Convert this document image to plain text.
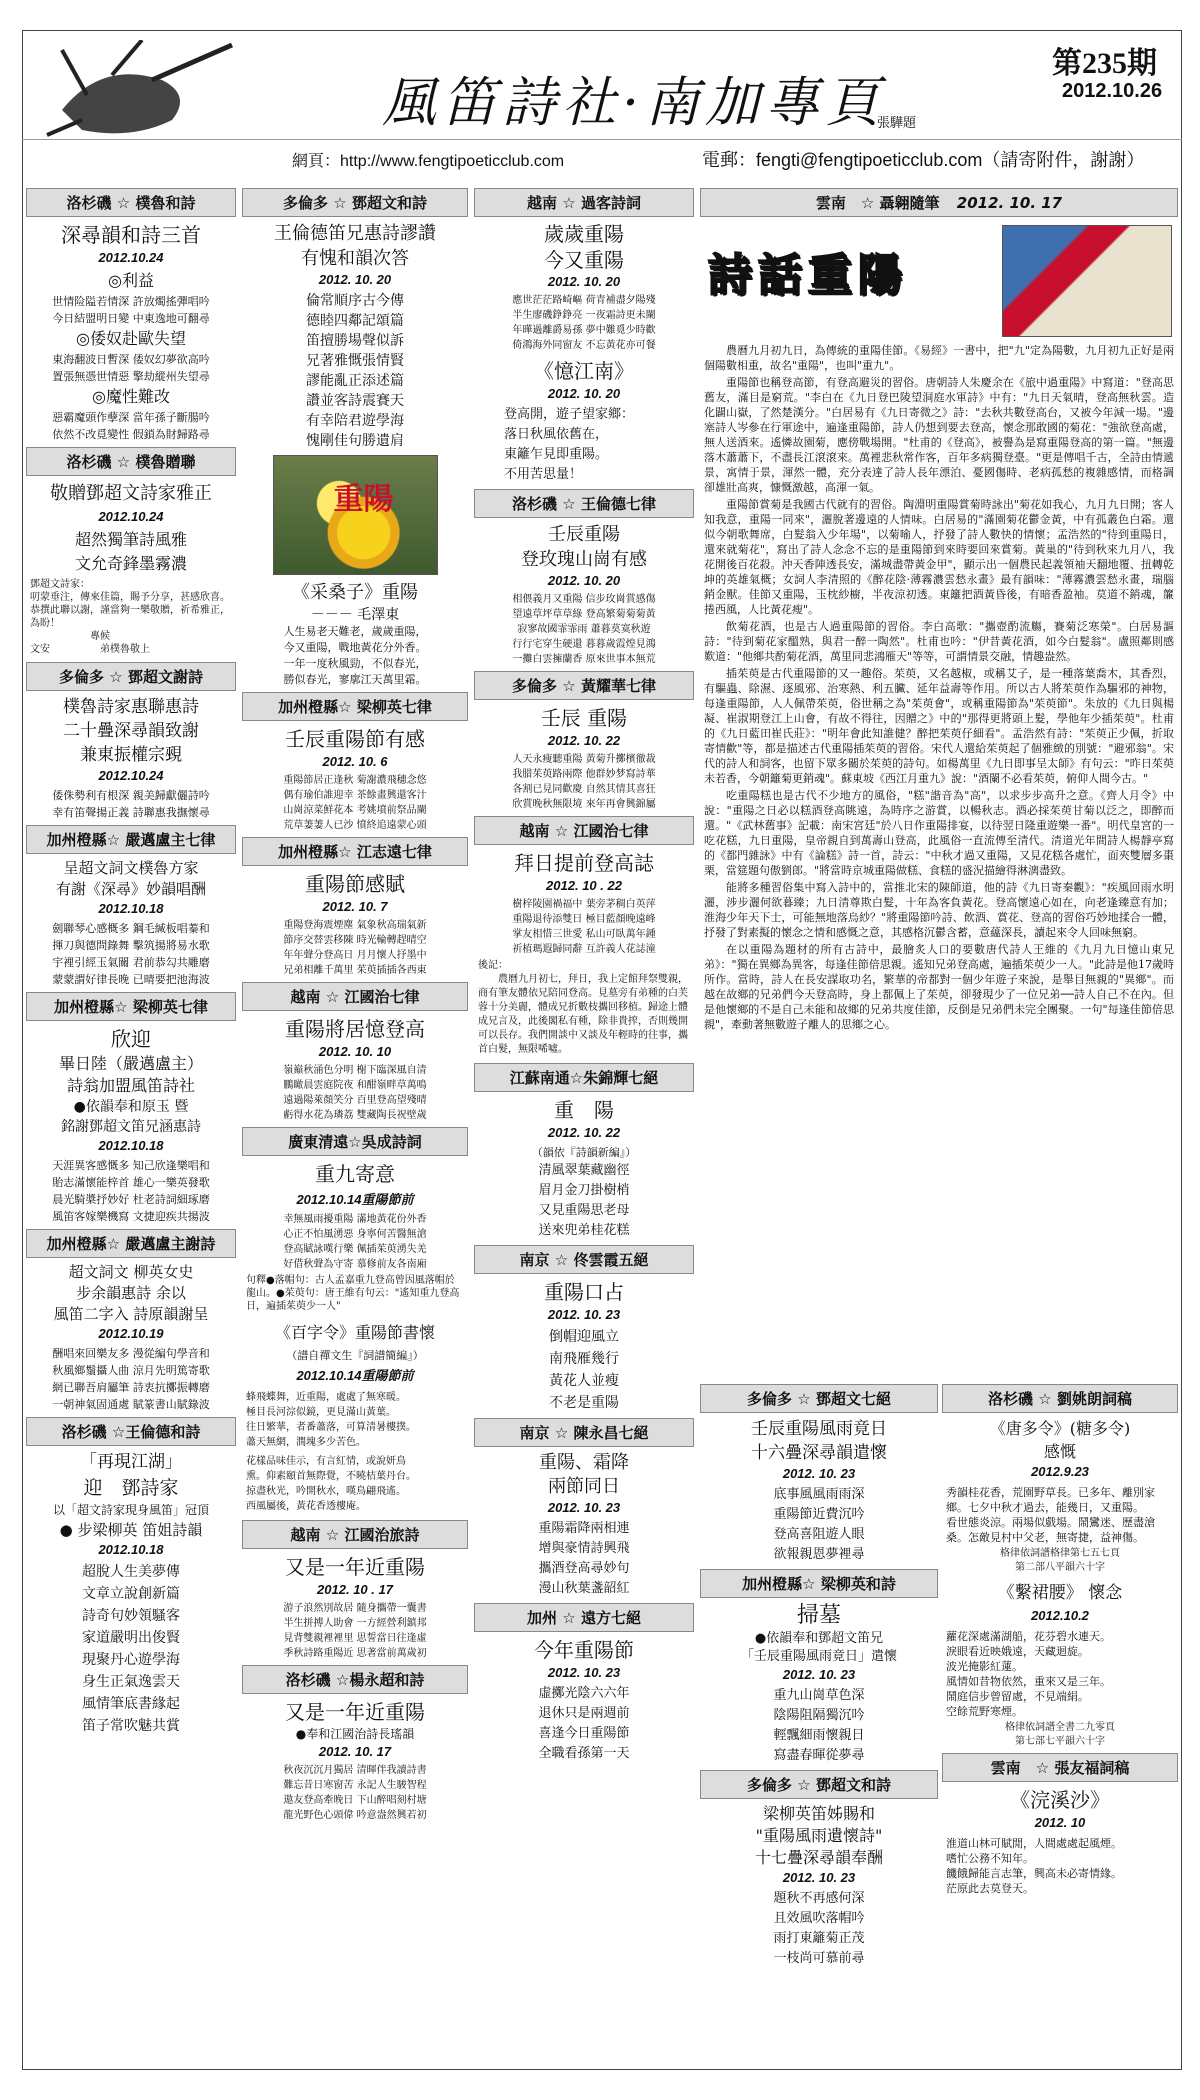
風笛詩社·南加專頁
張驊題
第235期
2012.10.26
網頁：http://www.fengtipoeticclub.com	電郵：fengti@fengtipoeticclub.com（請寄附件，謝謝）
洛杉磯 ☆ 樸魯和詩
深尋韻和詩三首
2012.10.24
◎利益
世情险隘若情深 許放燭搖彈唱吟
今日結盟明日變 中東逸地可翻尋
◎倭奴赴歐失望
東海翻波日暫深 倭奴幻夢欲高吟
置張無憑世情惡 擎劫縱州失望尋
◎魔性難改
惡霸魔頭作孽深 當年孫子斷腸吟
依然不改覓變性 假鎖為財歸路尋
洛杉磯 ☆ 樸魯贈聯
敬贈鄧超文詩家雅正
2012.10.24
超然獨筆詩風雅
文允奇鋒墨霧濃
鄧超文詩家：
叨蒙垂注，傳來佳篇，賜予分享，甚感欣喜。恭撰此聯以謝，謹當夠一樂敬贈，祈希雅正，為盼！
　　　　　　專候
文安　　　　　弟樸魯敬上
多倫多 ☆ 鄧超文謝詩
樸魯詩家惠聯惠詩
二十疊深尋韻致謝
兼東振權宗覡
2012.10.24
倭侏勢利有根深 親美歸獻儷詩吟
幸有笛聲揚正義 詩聯惠我撫懷尋
加州橙縣☆ 嚴邁盧主七律
呈超文詞文樸魯方家
有謝《深尋》妙韻唱酬
2012.10.18
劍聯琴心感概多 鋼毛緘板唱蓁和
揮刀與德問錄舞 擊筑揚將易水歌
宇裡引經玉氣關 君前恭勾共雕磨
蒙蒙謂好律長晚 已晴要把池海波
加州橙縣☆ 梁柳英七律
欣迎
畢日陸（嚴邁盧主）
詩翁加盟風笛詩社
●依韻奉和原玉 暨
銘謝鄧超文笛兄涵惠詩
2012.10.18
天涯異客感慨多 知己欣逢樂唱和
貽志滿懷能梓首 雄心一樂英發歌
晨光騎槳抒妙好 杜老詩詞細琢磨
風笛客嫁樂機寫 文捷迎疾共揚波
加州橙縣☆ 嚴邁盧主謝詩
超文詞文 柳英女史
步余韻惠詩 余以
風笛二字入 詩原韻謝呈
2012.10.19
酬唱來回樂友多 漫從編句學音和
秋風鄉鬚攝人曲 涼月先明篤寄歌
網已聯吾肩屬筆 詩衷抗擲振轉磨
一朝神氣固通處 賦篆書山賦錄波
洛杉磯 ☆王倫德和詩
「再現江湖」
迎　鄧詩家
以「超文詩家現身風笛」冠頂
● 步梁柳英 笛姐詩韻
2012.10.18
超脫人生美夢傳
文章立說創新篇
詩奇句妙領騷客
家道嚴明出俊賢
現聚丹心遊學海
身生正氣逸雲天
風情筆底書緣起
笛子常吹魅共賞
多倫多 ☆ 鄧超文和詩
王倫德笛兄惠詩謬讚
有愧和韻次答
2012. 10. 20
倫常順序古今傳
德睦四鄰記頌篇
笛擅勝場聲似訴
兄著雅慨張情賢
謬能亂正添述篇
讚並客詩震賽天
有幸陪君遊學海
愧剛佳句勝遺肩
重陽
《采桑子》重陽
－－－ 毛澤東
人生易老天難老，歲歲重陽，
今又重陽，戰地黃花分外香。
一年一度秋風勁，不似春光，
勝似春光，寥廓江天萬里霜。
加州橙縣☆ 梁柳英七律
壬辰重陽節有感
2012. 10. 6
重陽節居正逢秋 菊謝濃飛穗念悠
偶有瑜伯誰迎幸 茶餘畫興還客汁
山崗涼菜鮮花本 考姚墳前祭品闌
荒草萋萋人已沙 憤終追遠蒙心頭
加州橙縣☆ 江志遠七律
重陽節感賦
2012. 10. 7
重陽登海震煙塵 氣象秋高瑞氣新
節序交替雲移陳 時光輪轉趕晴空
年年聲分登高日 月月懷人抒墨中
兄弟相離千萬里 茱萸插插各西東
越南 ☆ 江國治七律
重陽將居憶登高
2012. 10. 10
嶺巔秋涌色分明 榭下臨深風自清
鵬瞰晨雲庭院夜 和酣嶺畔草萬鳴
遠過陽萊顏笑分 百里登高望殘晴
虧得水花為璘荔 雙藏陶長祝壁歲
廣東清遠☆吳成詩詞
重九寄意
2012.10.14重陽節前
幸無風雨擾重陽 滿地黃花份外香
心正不怕風湧惡 身寧何苦醫無滄
登高賦詠嘆行樂 佩插茱萸湧失羌
好借秋聲為守寄 慕修前友各南廂
句釋●落帽句：古人孟嘉重九登高曾因風落帽於龍山。●茱萸句：唐王維有句云："遙知重九登高日，遍插茱萸少一人"
《百字令》重陽節書懷
（譜自禪文生『詞譜簡編』）
2012.10.14重陽節前
蜂飛蝶舞，近重陽，處處了無寒暖。
極目長河淙似鏡，更見滿山黃葉。
往日繁華，者番蕭落，可算清暑樓撲。
蕭天無網，潤塊多少苦色。
花樣品味佳示，有言紅情，或說妍鳥
熏。仰素頤首無際覺，不曉桔葉丹台。
掠盡秋光，吟開秋水，嘆鳥翩飛遙。
西風屬後，黃花香透樓庵。
越南 ☆ 江國治旅詩
又是一年近重陽
2012. 10 . 17
游子浪然別故居 隨身攜帶一囊書
半生拼搏人助會 一方經營利鎮邦
見背雙親裡裡里 思誓當日往逢虛
季秋詩路重陽近 思著當前萬歲初
洛杉磯 ☆楊永超和詩
又是一年近重陽
●奉和江國治詩長瑤韻
2012. 10. 17
秋夜沉沉月獨居 清暉伴我讀詩書
難忘昔日寒窗苦 永記人生駿智程
遨友登高牽晚日 下山醉唱刻村塘
龍光野色心頭偉 吟意盎然興若初
越南 ☆ 過客詩詞
歲歲重陽
今又重陽
2012. 10. 20
應世茫茫路崎嶇 荷青補盡夕陽殘
半生廖磯錚錚亮 一夜霜詩更未闌
年曄過離爵易孫 夢中難覓少時歡
倚鴻海外同窗友 不忘黃花亦可餐
《憶江南》
2012. 10. 20
登高開，遊子望家鄉：
落日秋風依舊在，
東籬乍見即重陽。
不用苦思量！
洛杉磯 ☆ 王倫德七律
壬辰重陽
登玫瑰山崗有感
2012. 10. 20
相偎義月又重陽 信步玫崗賞感傷
望遠草坪草草綠 登高繁菊菊菊黃
寂寥故國霏霏雨 蕭暮莫寞秋遊
行行宅穿生硬還 暮暮歲霞煌見鴻
一攤白雲擁蘭香 原來世事本無荒
多倫多 ☆ 黃耀華七律
壬辰 重陽
2012. 10. 22
人天永瘦聽重陽 黃菊升擲檳徹裁
我腊茱萸路兩際 他群妙梦寫詩華
各割已見同歡慶 自然其情其喜狂
欣賞晚秋無限境 來年再會興錦屬
越南 ☆ 江國治七律
拜日提前登高誌
2012. 10 . 22
樹梓陵園禍福中 葉旁茅稠白英萍
重陽退待添雙日 極目藍顏晚遠峰
掌友相惜三世愛 私山可臥萬年鍾
祈植瑪遐歸同辭 互許義人花誌潼
後記：
　　農曆九月初七，拜日，我上定館拜祭雙親，商有筆友體依兄陪同登高。見墓旁有弟種的白芙蓉十分美麗，體成兄折數枝攜回移植。歸途上體成兄言及，此後閣私有種，除非貴搾，否則幾開可以長存。我們開談中又談及年輕時的往事，攜首白髮，無限唏噓。
江蘇南通☆朱錦輝七絕
重　陽
2012. 10. 22
（韻依『詩韻新編』）
清風翠葉藏幽徑
眉月金刀掛樹梢
又見重陽思老母
送來兜弟桂花糕
南京 ☆ 佟雲霞五絕
重陽口占
2012. 10. 23
倒帽迎風立
南飛雁幾行
黃花人並瘦
不老是重陽
南京 ☆ 陳永昌七絕
重陽、霜降
兩節同日
2012. 10. 23
重陽霜降兩相連
增與豪情詩興飛
攜酒登高尋妙句
漫山秋葉盞韶紅
加州 ☆ 遠方七絕
今年重陽節
2012. 10. 23
虛擲光陰六六年
退休只是兩週前
喜逢今日重陽節
全職看孫第一天
雲南　☆ 聶翱隨筆 2012. 10. 17
詩話重陽

農曆九月初九日，為傳統的重陽佳節。《易經》一書中，把"九"定為陽數，九月初九正好是兩個陽數相重，故名"重陽"，也叫"重九"。

重陽節也稱登高節，有登高避災的習俗。唐朝詩人朱慶余在《旅中過重陽》中寫道："登高思舊友，滿目是窮荒。"李白在《九日登巴陵望洞庭水軍詩》中有："九日天氣晴，登高無秋雲。造化闢山嶽，了然楚漢分。"白居易有《九日寄微之》詩："去秋共數登高台，又被今年減一場。"邊塞詩人岑參在行軍途中，遍逢重陽節，詩人仍想到要去登高，懷念那敢國的菊花："強欲登高處，無人送酒來。遙憐故園菊，應傍戰場開。"杜甫的《登高》，被譽為是寫重陽登高的第一篇。"無邊落木蕭蕭下，不盡長江滾滾來。萬裡悲秋常作客，百年多病獨登臺。"更是傳唱千古，全詩由情遞景，寓情于景，渾然一體，充分表達了詩人長年漂泊、憂國傷時、老病孤愁的複雜感情，而格調卻雄壯高爽，慷慨激越，高渾一氣。

重陽節賞菊是我國古代就有的習俗。陶淵明重陽賞菊時詠出"菊花如我心，九月九日開；客人知我意，重陽一同來"，灑脫著邊遠的人情味。白居易的"滿園菊花鬱金黃，中有孤叢色白霜。還似今朝歌舞席，白髮翁入少年場"，以菊喻人，抒發了詩人數快的情懷；孟浩然的"待到重陽日，還來就菊花"，寫出了詩人念念不忘的是重陽節到來時要回來賞菊。黃巢的"待到秋來九月八，我花開後百花殺。沖天香陣透長安，滿城盡帶黃金甲"，顯示出一個農民起義領袖天翻地覆、扭轉乾坤的英雄氣概；女詞人李清照的《醉花陰·薄霧濃雲愁永畫》最有韻味："薄霧濃雲愁永畫，瑞腦銷金獸。佳節又重陽，玉枕紗櫥，半夜涼初透。東籬把酒黃昏後，有暗香盈袖。莫道不銷魂，簾捲西風，人比黃花瘦"。

飲菊花酒，也是古人過重陽節的習俗。李白高歌："攜壺酌流觴，賽菊泛寒榮"。白居易謳詩："待到菊花家醞熟，與君一醉一陶然"。杜甫也吟："伊昔黃花酒，如今白髮翁"。盧照鄰則感歎道："他鄉共酌菊花酒，萬里同悲鴻雁天"等等，可謂情景交融，情趣盎然。

插茱萸是古代重陽節的又一趣俗。茱萸，又名越椒，或稱艾子，是一種落葉喬木，其香烈，有驅蟲、除濕、逐風邪、治寒熱、利五臟、延年益壽等作用。所以古人將茱萸作為驅邪的神物，每逢重陽節，人人佩帶茱萸，俗世稱之為"茱萸會"，或稱重陽節為"茱萸節"。朱放的《九日與楊凝、崔淑期登江上山會，有故不得往，因贈之》中的"那得更將頭上髮，學他年少插茱萸"。杜甫的《九日藍田崔氏莊》："明年會此知誰健？醉把茱萸仔細看"。孟浩然有詩："茱萸正少佩，折取寄情歡"等，都是描述古代重陽插茱萸的習俗。宋代人還給茱萸起了個雅緻的別號："避邪翁"。宋代的詩人和詞客，也留下眾多關於茱萸的詩句。如楊萬里《九日即事呈太師》有句云："昨日茱萸未若香，今朝籬菊更銷魂"。蘇東坡《西江月重九》說："酒闌不必看茱萸，俯仰人間今古。"

吃重陽糕也是古代不少地方的風俗，"糕"諧音為"高"，以求步步高升之意。《齊人月令》中說："重陽之日必以糕酒登高眺遠，為時序之游賞，以暢秋志。酒必採茱萸甘菊以泛之，即醉而還。"《武林舊事》記載：南宋宮廷"於八日作重陽排宴，以待翌日隆重遊樂一番"。明代皇宮的一吃花糕，九日重陽，皇帝親自到萬壽山登高，此風俗一直流傳至清代。清道光年間詩人楊靜亭寫的《都門雜詠》中有《論糕》詩一首，詩云："中秋才過又重陽，又見花糕各處忙，面夾雙層多棗栗，當筵題句傲劉郎。"將當時京城重陽做糕、食糕的盛況描繪得淋漓盡致。

能將多種習俗集中寫入詩中的，當推北宋的陳師道，他的詩《九日寄秦觀》："疾風回雨水明灑，涉步灑何欲暮臻；九日清尊欺白髮，十年為客負黃花。登高懷遠心如在，向老逢臻意有加；淮海少年天下士，可能無地落烏紗？"將重陽節吟詩、飲酒、賞花、登高的習俗巧妙地揉合一體，抒發了對素擬的懷念之情和感慨之意，其感格沉鬱含蓄，意蘊深長，讀起來令人回味無窮。

在以重陽為題材的所有古詩中，最膾炙人口的要數唐代詩人王維的《九月九日憶山東兄弟》："獨在異鄉為異客，每逢佳節倍思親。遙知兄弟登高處，遍插茱萸少一人。"此詩是他17歲時所作。當時，詩人在長安謀取功名，繁華的帝都對一個少年遊子來說，是舉目無親的"異鄉"。而越在故鄉的兄弟們今天登高時，身上都佩上了茱萸，卻發現少了一位兄弟──詩人自己不在內。但是他懷鄉的不是自己未能和故鄉的兄弟共度佳節，反倒是兄弟們未完全團聚。一句"每逢佳節倍思親"，牽動著無數遊子離人的思鄉之心。

多倫多 ☆ 鄧超文七絕
壬辰重陽風雨竟日
十六疊深尋韻遣懷
2012. 10. 23
底事風風雨雨深
重陽節近費沉吟
登高喜阻遊人眼
欲報親恩夢裡尋
加州橙縣☆ 梁柳英和詩
掃墓
●依韻奉和鄧超文笛兄
「壬辰重陽風雨竟日」遣懷
2012. 10. 23
重九山崗草色深
陰陽阻隔獨沉吟
輕飄細雨懷親日
寫盡春暉從夢尋
多倫多 ☆ 鄧超文和詩
梁柳英笛姊賜和
"重陽風雨遺懷詩"
十七疊深尋韻奉酬
2012. 10. 23
題秋不再感何深
且效風吹落帽吟
雨打東籬菊正茂
一枝尚可慕前尋
洛杉磯 ☆ 劉姚朗詞稿
《唐多令》(糖多令)
感慨
2012.9.23
秀韻桂花香，荒園野草長。已多年、離別家鄉。七夕中秋才過去，能幾日，又重陽。
看世態炎涼。兩場似戲場。鬧鸞迷、歷盡滄桑。怎敵見村中父老，無寄捷，益神傷。
格律依詞譜格律第七五七頁
第二部八平韻六十字
《繫裙腰》 懷念
2012.10.2
蘿花深處滿湖船，花芬碧水連天。
淚眼看近映娥遠，天藏迴旋。
波光掩影紅蓮。
風情如昔物依然，重來又是三年。
鬧庭信步曾留處，不見端絹。
空餘荒野寒煙。
格律依詞譜全書二九零頁
第七部七平韻六十字
雲南　☆ 張友福詞稿
《浣溪沙》
2012. 10
淮道山林可賦閒，人間處處起風煙。
嗜忙公務不知年。
饑餓歸能言志筆，興高未必寄情緣。
茫原此去莫登天。
